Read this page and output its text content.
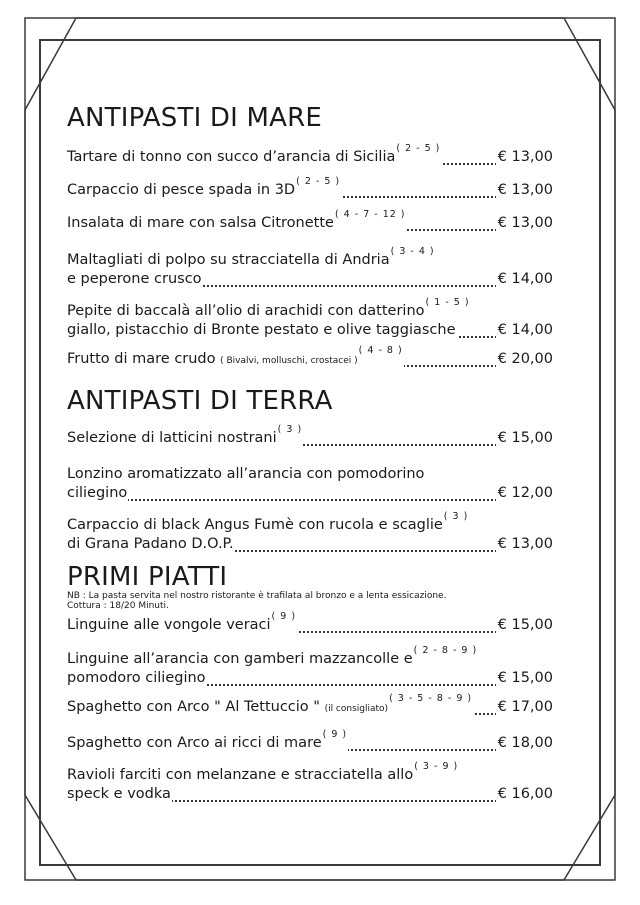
ANTIPASTI DI MARE
Tartare di tonno con succo d’arancia di Sicilia$^{( 2 - 5 )}$
€ 13,00
Carpaccio di pesce spada in $3D^{( 2 - 5 )}$
€ 13,00
Insalata di mare con salsa Citronette$^{( 4 - 7 - 12 )}$
€ 13,00
Maltagliati di polpo su stracciatella di Andria$^{( 3 - 4 )}$
e peperone crusco	€ 14,00
Pepite di baccalà all’olio di arachidi con datterino$^{( 1 - 5 )}$
giallo, pistacchio di Bronte pestato e olive taggiasche	€ 14,00
Frutto di mare crudo ( Bivalvi, molluschi, crostacei )$^{( 4 - 8 )}$
€ 20,00
ANTIPASTI DI TERRA
Selezione di latticini nostrani$^{( 3 )}$
€ 15,00
Lonzino aromatizzato all’arancia con pomodorino
ciliegino	€ 12,00
Carpaccio di black Angus Fumè con rucola e scaglie$^{( 3 )}$
di Grana Padano D.O.P.	€ 13,00
PRIMI PIATTI
NB : La pasta servita nel nostro ristorante è trafilata al bronzo e a lenta essicazione.
Cottura : 18/20 Minuti.
Linguine alle vongole veraci$^{( 9 )}$
€ 15,00
Linguine all’arancia con gamberi mazzancolle $e^{( 2 - 8 - 9 )}$
pomodoro ciliegino	€ 15,00
Spaghetto con Arco " Al Tettuccio " (il consigliato)$^{( 3 - 5 - 8 - 9 )}$
€ 17,00
Spaghetto con Arco ai ricci di mare$^{( 9 )}$
€ 18,00
Ravioli farciti con melanzane e stracciatella allo$^{( 3 - 9 )}$
speck e vodka	€ 16,00
